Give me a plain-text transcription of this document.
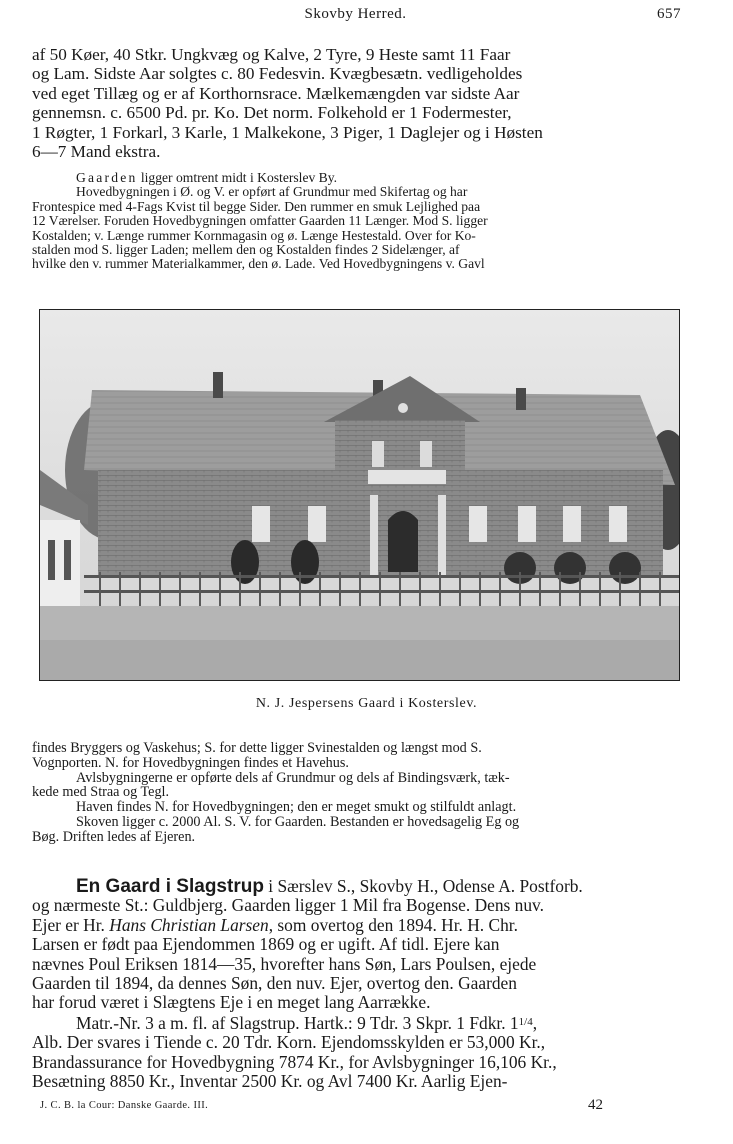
Skovby Herred.	657
af 50 Køer, 40 Stkr. Ungkvæg og Kalve, 2 Tyre, 9 Heste samt 11 Faar
og Lam. Sidste Aar solgtes c. 80 Fedesvin. Kvægbesætn. vedligeholdes
ved eget Tillæg og er af Korthornsrace. Mælkemængden var sidste Aar
gennemsn. c. 6500 Pd. pr. Ko. Det norm. Folkehold er 1 Fodermester,
1 Røgter, 1 Forkarl, 3 Karle, 1 Malkekone, 3 Piger, 1 Daglejer og i Høsten
6—7 Mand ekstra.
Gaarden ligger omtrent midt i Kosterslev By.
Hovedbygningen i Ø. og V. er opført af Grundmur med Skifertag og har
Frontespice med 4-Fags Kvist til begge Sider. Den rummer en smuk Lejlighed paa
12 Værelser. Foruden Hovedbygningen omfatter Gaarden 11 Længer. Mod S. ligger
Kostalden; v. Længe rummer Kornmagasin og ø. Længe Hestestald. Over for Ko-
stalden mod S. ligger Laden; mellem den og Kostalden findes 2 Sidelænger, af
hvilke den v. rummer Materialkammer, den ø. Lade. Ved Hovedbygningens v. Gavl
N. J. Jespersens Gaard i Kosterslev.
findes Bryggers og Vaskehus; S. for dette ligger Svinestalden og længst mod S.
Vognporten. N. for Hovedbygningen findes et Havehus.
Avlsbygningerne er opførte dels af Grundmur og dels af Bindingsværk, tæk-
kede med Straa og Tegl.
Haven findes N. for Hovedbygningen; den er meget smukt og stilfuldt anlagt.
Skoven ligger c. 2000 Al. S. V. for Gaarden. Bestanden er hovedsagelig Eg og
Bøg. Driften ledes af Ejeren.
En Gaard i Slagstrup i Særslev S., Skovby H., Odense A. Postforb.
og nærmeste St.: Guldbjerg. Gaarden ligger 1 Mil fra Bogense. Dens nuv.
Ejer er Hr. Hans Christian Larsen, som overtog den 1894. Hr. H. Chr.
Larsen er født paa Ejendommen 1869 og er ugift. Af tidl. Ejere kan
nævnes Poul Eriksen 1814—35, hvorefter hans Søn, Lars Poulsen, ejede
Gaarden til 1894, da dennes Søn, den nuv. Ejer, overtog den. Gaarden
har forud været i Slægtens Eje i en meget lang Aarrække.
Matr.-Nr. 3 a m. fl. af Slagstrup. Hartk.: 9 Tdr. 3 Skpr. 1 Fdkr. $1^{1/4}$,
Alb. Der svares i Tiende c. 20 Tdr. Korn. Ejendomsskylden er 53,000 Kr.,
Brandassurance for Hovedbygning 7874 Kr., for Avlsbygninger 16,106 Kr.,
Besætning 8850 Kr., Inventar 2500 Kr. og Avl 7400 Kr. Aarlig Ejen-
J. C. B. la Cour: Danske Gaarde. III.	42
